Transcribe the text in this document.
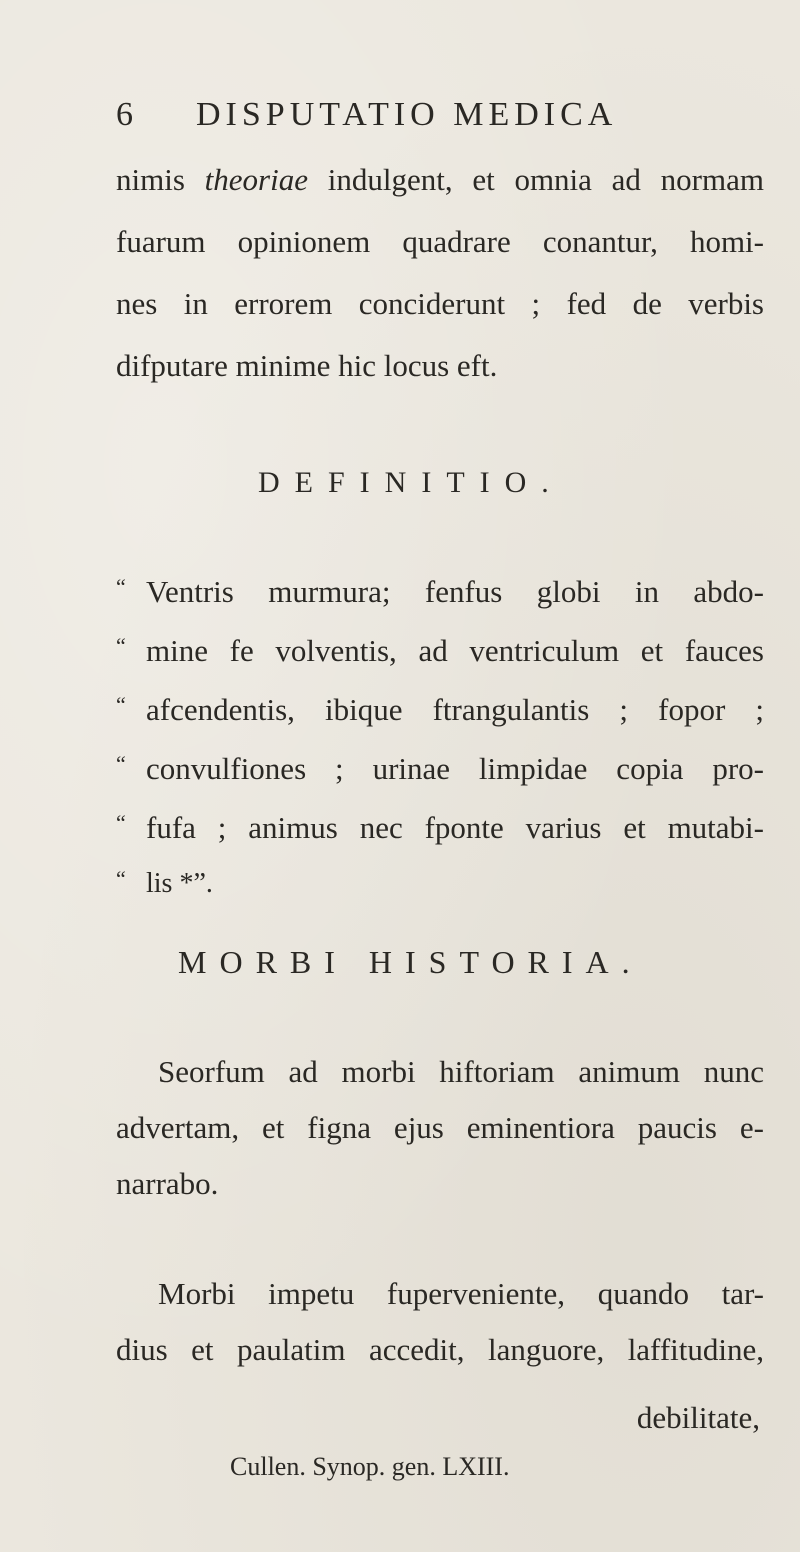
6 DISPUTATIO MEDICA
nimis theoriae indulgent, et omnia ad normam
fuarum opinionem quadrare conantur, homi-
nes in errorem conciderunt ; fed de verbis
difputare minime hic locus eft.
DEFINITIO.
“ Ventris murmura; fenfus globi in abdo-
“ mine fe volventis, ad ventriculum et fauces
“ afcendentis, ibique ftrangulantis ; fopor ;
“ convulfiones ; urinae limpidae copia pro-
“ fufa ; animus nec fponte varius et mutabi-
“ lis *”.
MORBI HISTORIA.
Seorfum ad morbi hiftoriam animum nunc
advertam, et figna ejus eminentiora paucis e-
narrabo.
Morbi impetu fuperveniente, quando tar-
dius et paulatim accedit, languore, laffitudine,
debilitate,
Cullen. Synop. gen. LXIII.
